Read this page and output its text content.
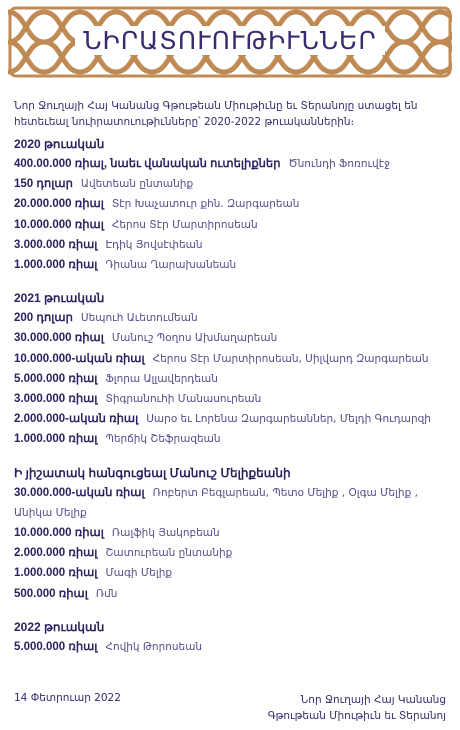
ՆԻՐԱՏՈՒՈՒԹԻՒՆՆԵՐ
Նոր Ջուղայի Հայ Կանանց Գթութեան Միութիւնը եւ Տերանոյը ստացել են հետեւեալ նուիրատուութիւնները՝ 2020-2022 թուականներին։
2020 թուական
400.00.000 ռիալ, նաեւ վանական ուտելիքներ Ծնունդի Ֆոռուվէջ
150 դոլար Ավետեան ընտանիք
20.000.000 ռիալ Տէր Խաչատուր քհն. Զարգարեան
10.000.000 ռիալ Հերոս Տէր Մարտիրոսեան
3.000.000 ռիալ Էդիկ Յովսէփեան
1.000.000 ռիալ Դիանա Ղարախանեան
2021 թուական
200 դոլար Սեպուհ Աւետումեան
30.000.000 ռիալ Մանուշ Պօղոս Ախմաղարեան
10.000.000-ական ռիալ Հերոս Տէր Մարտիրոսեան, Սիլվարդ Զարգարեան
5.000.000 ռիալ Ֆլորա Ալլավերդեան
3.000.000 ռիալ Տիգրանուհի Մանասուրեան
2.000.000-ական ռիալ Սարօ եւ Լորենա Զարգարեաններ, Մելդի Գուդարզի
1.000.000 ռիալ Պերճիկ Շեֆրազեան
Ի յիշատակ հանգուցեալ Մանուշ Մելիքեանի
30.000.000-ական ռիալ Ռոբերտ Բեգլարեան, Պետօ Մելիք , Օլգա Մելիք , Անիկա Մելիք
10.000.000 ռիալ Ռալֆիկ Յակոբեան
2.000.000 ռիալ Շատուրեան ընտանիք
1.000.000 ռիալ Մագի Մելիք
500.000 ռիալ Ռմն
2022 թուական
5.000.000 ռիալ Հովիկ Թորոսեան
14 Փետրուար 2022	Նոր Ջուղայի Հայ Կանանց
Գթութեան Միութիւն եւ Տերանոյ
